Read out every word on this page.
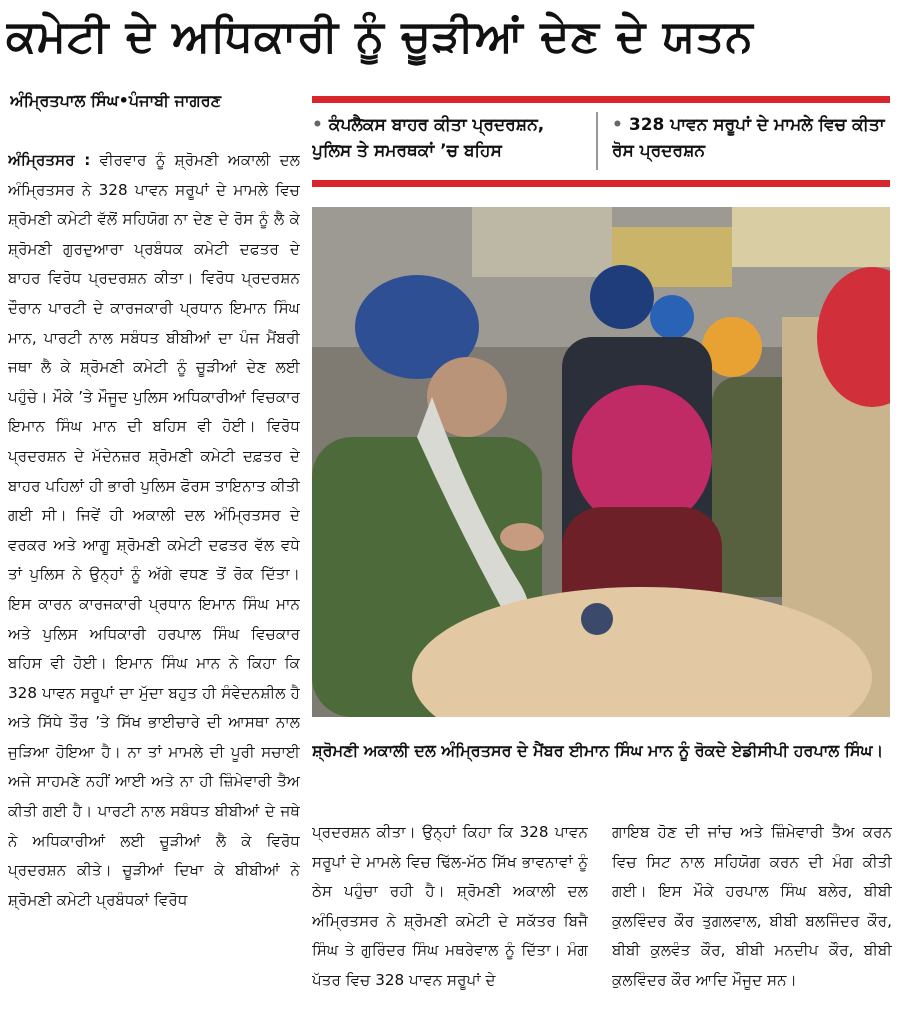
ਕਮੇਟੀ ਦੇ ਅਧਿਕਾਰੀ ਨੂੰ ਚੂੜੀਆਂ ਦੇਣ ਦੇ ਯਤਨ
ਅੰਮ੍ਰਿਤਪਾਲ ਸਿੰਘ•ਪੰਜਾਬੀ ਜਾਗਰਣ
• ਕੰਪਲੈਕਸ ਬਾਹਰ ਕੀਤਾ ਪ੍ਰਦਰਸ਼ਨ, ਪੁਲਿਸ ਤੇ ਸਮਰਥਕਾਂ ’ਚ ਬਹਿਸ
• 328 ਪਾਵਨ ਸਰੂਪਾਂ ਦੇ ਮਾਮਲੇ ਵਿਚ ਕੀਤਾ ਰੋਸ ਪ੍ਰਦਰਸ਼ਨ
ਸ਼੍ਰੋਮਣੀ ਅਕਾਲੀ ਦਲ ਅੰਮ੍ਰਿਤਸਰ ਦੇ ਮੈਂਬਰ ਈਮਾਨ ਸਿੰਘ ਮਾਨ ਨੂੰ ਰੋਕਦੇ ਏਡੀਸੀਪੀ ਹਰਪਾਲ ਸਿੰਘ।
ਅੰਮ੍ਰਿਤਸਰ : ਵੀਰਵਾਰ ਨੂੰ ਸ਼੍ਰੋਮਣੀ ਅਕਾਲੀ ਦਲ ਅੰਮ੍ਰਿਤਸਰ ਨੇ 328 ਪਾਵਨ ਸਰੂਪਾਂ ਦੇ ਮਾਮਲੇ ਵਿਚ ਸ਼੍ਰੋਮਣੀ ਕਮੇਟੀ ਵੱਲੋਂ ਸਹਿਯੋਗ ਨਾ ਦੇਣ ਦੇ ਰੋਸ ਨੂੰ ਲੈ ਕੇ ਸ਼੍ਰੋਮਣੀ ਗੁਰਦੁਆਰਾ ਪ੍ਰਬੰਧਕ ਕਮੇਟੀ ਦਫਤਰ ਦੇ ਬਾਹਰ ਵਿਰੋਧ ਪ੍ਰਦਰਸ਼ਨ ਕੀਤਾ। ਵਿਰੋਧ ਪ੍ਰਦਰਸ਼ਨ ਦੌਰਾਨ ਪਾਰਟੀ ਦੇ ਕਾਰਜਕਾਰੀ ਪ੍ਰਧਾਨ ਇਮਾਨ ਸਿੰਘ ਮਾਨ, ਪਾਰਟੀ ਨਾਲ ਸਬੰਧਤ ਬੀਬੀਆਂ ਦਾ ਪੰਜ ਮੈਂਬਰੀ ਜਥਾ ਲੈ ਕੇ ਸ਼੍ਰੋਮਣੀ ਕਮੇਟੀ ਨੂੰ ਚੂੜੀਆਂ ਦੇਣ ਲਈ ਪਹੁੰਚੇ। ਮੌਕੇ ’ਤੇ ਮੌਜੂਦ ਪੁਲਿਸ ਅਧਿਕਾਰੀਆਂ ਵਿਚਕਾਰ ਇਮਾਨ ਸਿੰਘ ਮਾਨ ਦੀ ਬਹਿਸ ਵੀ ਹੋਈ। ਵਿਰੋਧ ਪ੍ਰਦਰਸ਼ਨ ਦੇ ਮੱਦੇਨਜ਼ਰ ਸ਼੍ਰੋਮਣੀ ਕਮੇਟੀ ਦਫ਼ਤਰ ਦੇ ਬਾਹਰ ਪਹਿਲਾਂ ਹੀ ਭਾਰੀ ਪੁਲਿਸ ਫੋਰਸ ਤਾਇਨਾਤ ਕੀਤੀ ਗਈ ਸੀ। ਜਿਵੇਂ ਹੀ ਅਕਾਲੀ ਦਲ ਅੰਮ੍ਰਿਤਸਰ ਦੇ ਵਰਕਰ ਅਤੇ ਆਗੂ ਸ਼੍ਰੋਮਣੀ ਕਮੇਟੀ ਦਫਤਰ ਵੱਲ ਵਧੇ ਤਾਂ ਪੁਲਿਸ ਨੇ ਉਨ੍ਹਾਂ ਨੂੰ ਅੱਗੇ ਵਧਣ ਤੋਂ ਰੋਕ ਦਿੱਤਾ। ਇਸ ਕਾਰਨ ਕਾਰਜਕਾਰੀ ਪ੍ਰਧਾਨ ਇਮਾਨ ਸਿੰਘ ਮਾਨ ਅਤੇ ਪੁਲਿਸ ਅਧਿਕਾਰੀ ਹਰਪਾਲ ਸਿੰਘ ਵਿਚਕਾਰ ਬਹਿਸ ਵੀ ਹੋਈ। ਇਮਾਨ ਸਿੰਘ ਮਾਨ ਨੇ ਕਿਹਾ ਕਿ 328 ਪਾਵਨ ਸਰੂਪਾਂ ਦਾ ਮੁੱਦਾ ਬਹੁਤ ਹੀ ਸੰਵੇਦਨਸ਼ੀਲ ਹੈ ਅਤੇ ਸਿੱਧੇ ਤੌਰ ’ਤੇ ਸਿੱਖ ਭਾਈਚਾਰੇ ਦੀ ਆਸਥਾ ਨਾਲ ਜੁੜਿਆ ਹੋਇਆ ਹੈ। ਨਾ ਤਾਂ ਮਾਮਲੇ ਦੀ ਪੂਰੀ ਸਚਾਈ ਅਜੇ ਸਾਹਮਣੇ ਨਹੀਂ ਆਈ ਅਤੇ ਨਾ ਹੀ ਜ਼ਿੰਮੇਵਾਰੀ ਤੈਅ ਕੀਤੀ ਗਈ ਹੈ। ਪਾਰਟੀ ਨਾਲ ਸਬੰਧਤ ਬੀਬੀਆਂ ਦੇ ਜਥੇ ਨੇ ਅਧਿਕਾਰੀਆਂ ਲਈ ਚੂੜੀਆਂ ਲੈ ਕੇ ਵਿਰੋਧ ਪ੍ਰਦਰਸ਼ਨ ਕੀਤੇ। ਚੂੜੀਆਂ ਦਿਖਾ ਕੇ ਬੀਬੀਆਂ ਨੇ ਸ਼੍ਰੋਮਣੀ ਕਮੇਟੀ ਪ੍ਰਬੰਧਕਾਂ ਵਿਰੋਧ
ਪ੍ਰਦਰਸ਼ਨ ਕੀਤਾ। ਉਨ੍ਹਾਂ ਕਿਹਾ ਕਿ 328 ਪਾਵਨ ਸਰੂਪਾਂ ਦੇ ਮਾਮਲੇ ਵਿਚ ਢਿੱਲ-ਮੱਠ ਸਿੱਖ ਭਾਵਨਾਵਾਂ ਨੂੰ ਠੇਸ ਪਹੁੰਚਾ ਰਹੀ ਹੈ। ਸ਼੍ਰੋਮਣੀ ਅਕਾਲੀ ਦਲ ਅੰਮ੍ਰਿਤਸਰ ਨੇ ਸ਼੍ਰੋਮਣੀ ਕਮੇਟੀ ਦੇ ਸਕੱਤਰ ਬਿਜੈ ਸਿੰਘ ਤੇ ਗੁਰਿੰਦਰ ਸਿੰਘ ਮਥਰੇਵਾਲ ਨੂੰ ਦਿੱਤਾ। ਮੰਗ ਪੱਤਰ ਵਿਚ 328 ਪਾਵਨ ਸਰੂਪਾਂ ਦੇ
ਗਾਇਬ ਹੋਣ ਦੀ ਜਾਂਚ ਅਤੇ ਜ਼ਿੰਮੇਵਾਰੀ ਤੈਅ ਕਰਨ ਵਿਚ ਸਿਟ ਨਾਲ ਸਹਿਯੋਗ ਕਰਨ ਦੀ ਮੰਗ ਕੀਤੀ ਗਈ। ਇਸ ਮੌਕੇ ਹਰਪਾਲ ਸਿੰਘ ਬਲੇਰ, ਬੀਬੀ ਕੁਲਵਿੰਦਰ ਕੌਰ ਤੁਗਲਵਾਲ, ਬੀਬੀ ਬਲਜਿੰਦਰ ਕੌਰ, ਬੀਬੀ ਕੁਲਵੰਤ ਕੌਰ, ਬੀਬੀ ਮਨਦੀਪ ਕੌਰ, ਬੀਬੀ ਕੁਲਵਿੰਦਰ ਕੌਰ ਆਦਿ ਮੌਜੂਦ ਸਨ।
